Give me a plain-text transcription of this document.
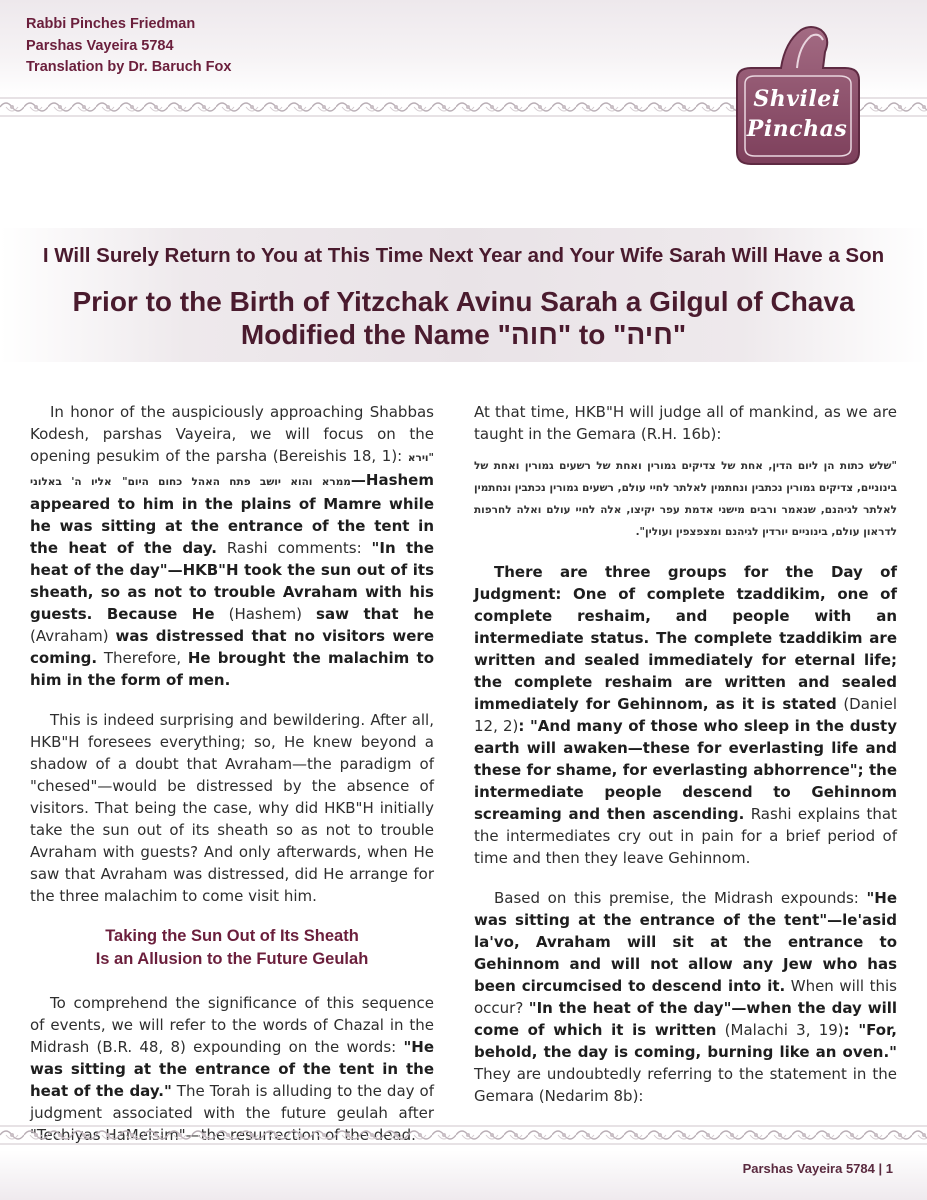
Rabbi Pinches Friedman
Parshas Vayeira 5784
Translation by Dr. Baruch Fox
Shvilei
Pinchas
I Will Surely Return to You at This Time Next Year and Your Wife Sarah Will Have a Son
Prior to the Birth of Yitzchak Avinu Sarah a Gilgul of Chava
Modified the Name "חוה" to "חיה"

In honor of the auspiciously approaching Shabbas Kodesh, parshas Vayeira, we will focus on the opening pesukim of the parsha (Bereishis 18, 1): "וירא אליו ה' באלוני ממרא והוא יושב פתח האהל כחום היום"—Hashem appeared to him in the plains of Mamre while he was sitting at the entrance of the tent in the heat of the day. Rashi comments: "In the heat of the day"—HKB"H took the sun out of its sheath, so as not to trouble Avraham with his guests. Because He (Hashem) saw that he (Avraham) was distressed that no visitors were coming. Therefore, He brought the malachim to him in the form of men.

This is indeed surprising and bewildering. After all, HKB"H foresees everything; so, He knew beyond a shadow of a doubt that Avraham—the paradigm of "chesed"—would be distressed by the absence of visitors. That being the case, why did HKB"H initially take the sun out of its sheath so as not to trouble Avraham with guests? And only afterwards, when He saw that Avraham was distressed, did He arrange for the three malachim to come visit him.

Taking the Sun Out of Its Sheath
Is an Allusion to the Future Geulah

To comprehend the significance of this sequence of events, we will refer to the words of Chazal in the Midrash (B.R. 48, 8) expounding on the words: "He was sitting at the entrance of the tent in the heat of the day." The Torah is alluding to the day of judgment associated with the future geulah after

At that time, HKB"H will judge all of mankind, as we are taught in the Gemara (R.H. 16b):

"שלש כתות הן ליום הדין, אחת של צדיקים גמורין ואחת של רשעים גמורין ואחת של בינוניים, צדיקים גמורין נכתבין ונחתמין לאלתר לחיי עולם, רשעים גמורין נכתבין ונחתמין לאלתר לגיהנם, שנאמר ורבים מישני אדמת עפר יקיצו, אלה לחיי עולם ואלה לחרפות לדראון עולם, בינוניים יורדין לגיהנם ומצפצפין ועולין".

There are three groups for the Day of Judgment: One of complete tzaddikim, one of complete reshaim, and people with an intermediate status. The complete tzaddikim are written and sealed immediately for eternal life; the complete reshaim are written and sealed immediately for Gehinnom, as it is stated (Daniel 12, 2): "And many of those who sleep in the dusty earth will awaken—these for everlasting life and these for shame, for everlasting abhorrence"; the intermediate people descend to Gehinnom screaming and then ascending. Rashi explains that the intermediates cry out in pain for a brief period of time and then they leave Gehinnom.

Based on this premise, the Midrash expounds: "He was sitting at the entrance of the tent"—le'asid la'vo, Avraham will sit at the entrance to Gehinnom and will not allow any Jew who has been circumcised to descend into it. When will this occur? "In the heat of the day"—when the day will come of which it is written (Malachi 3, 19): "For, behold, the day is coming, burning like an oven." They are undoubtedly referring to the statement in the Gemara (Nedarim 8b):

Parshas Vayeira 5784 | 1
